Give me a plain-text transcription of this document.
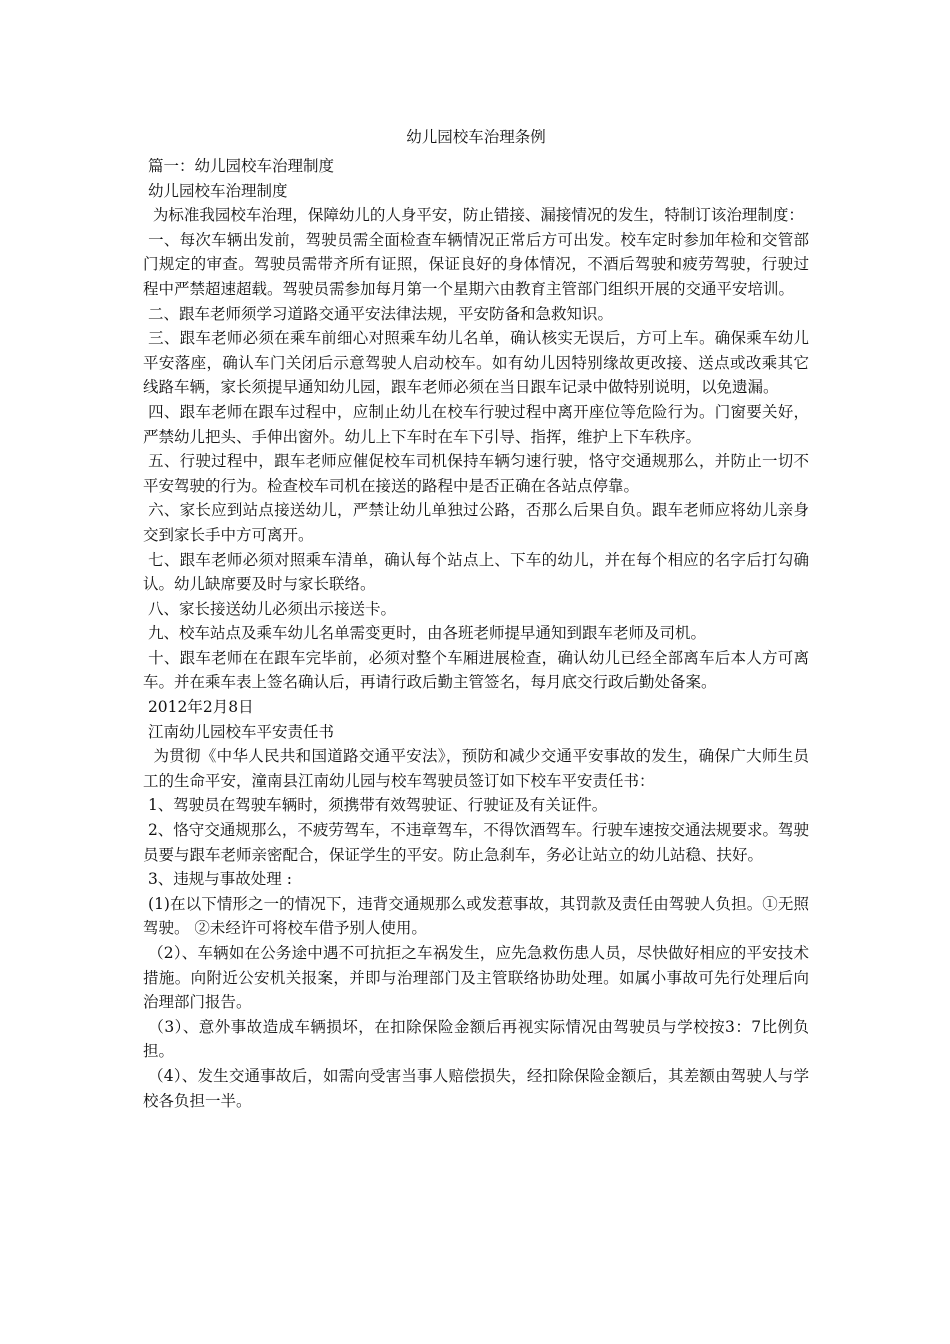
幼儿园校车治理条例

篇一：幼儿园校车治理制度

幼儿园校车治理制度

为标准我园校车治理，保障幼儿的人身平安，防止错接、漏接情况的发生，特制订该治理制度：

一、每次车辆出发前，驾驶员需全面检查车辆情况正常后方可出发。校车定时参加年检和交管部门规定的审查。驾驶员需带齐所有证照，保证良好的身体情况，不酒后驾驶和疲劳驾驶，行驶过程中严禁超速超载。驾驶员需参加每月第一个星期六由教育主管部门组织开展的交通平安培训。

二、跟车老师须学习道路交通平安法律法规，平安防备和急救知识。

三、跟车老师必须在乘车前细心对照乘车幼儿名单，确认核实无误后，方可上车。确保乘车幼儿平安落座，确认车门关闭后示意驾驶人启动校车。如有幼儿因特别缘故更改接、送点或改乘其它线路车辆，家长须提早通知幼儿园，跟车老师必须在当日跟车记录中做特别说明，以免遗漏。

四、跟车老师在跟车过程中，应制止幼儿在校车行驶过程中离开座位等危险行为。门窗要关好，严禁幼儿把头、手伸出窗外。幼儿上下车时在车下引导、指挥，维护上下车秩序。

五、行驶过程中，跟车老师应催促校车司机保持车辆匀速行驶，恪守交通规那么，并防止一切不平安驾驶的行为。检查校车司机在接送的路程中是否正确在各站点停靠。

六、家长应到站点接送幼儿，严禁让幼儿单独过公路，否那么后果自负。跟车老师应将幼儿亲身交到家长手中方可离开。

七、跟车老师必须对照乘车清单，确认每个站点上、下车的幼儿，并在每个相应的名字后打勾确认。幼儿缺席要及时与家长联络。

八、家长接送幼儿必须出示接送卡。

九、校车站点及乘车幼儿名单需变更时，由各班老师提早通知到跟车老师及司机。

十、跟车老师在在跟车完毕前，必须对整个车厢进展检查，确认幼儿已经全部离车后本人方可离车。并在乘车表上签名确认后，再请行政后勤主管签名，每月底交行政后勤处备案。

2012年2月8日

江南幼儿园校车平安责任书

为贯彻《中华人民共和国道路交通平安法》，预防和减少交通平安事故的发生，确保广大师生员工的生命平安，潼南县江南幼儿园与校车驾驶员签订如下校车平安责任书：

1、驾驶员在驾驶车辆时，须携带有效驾驶证、行驶证及有关证件。

2、恪守交通规那么，不疲劳驾车，不违章驾车，不得饮酒驾车。行驶车速按交通法规要求。驾驶员要与跟车老师亲密配合，保证学生的平安。防止急刹车，务必让站立的幼儿站稳、扶好。

3、违规与事故处理 :

(1)在以下情形之一的情况下，违背交通规那么或发惹事故，其罚款及责任由驾驶人负担。①无照驾驶。 ②未经许可将校车借予别人使用。

（2）、车辆如在公务途中遇不可抗拒之车祸发生，应先急救伤患人员，尽快做好相应的平安技术措施。向附近公安机关报案，并即与治理部门及主管联络协助处理。如属小事故可先行处理后向治理部门报告。

（3）、意外事故造成车辆损坏，在扣除保险金额后再视实际情况由驾驶员与学校按3：7比例负担。

（4）、发生交通事故后，如需向受害当事人赔偿损失，经扣除保险金额后，其差额由驾驶人与学校各负担一半。
